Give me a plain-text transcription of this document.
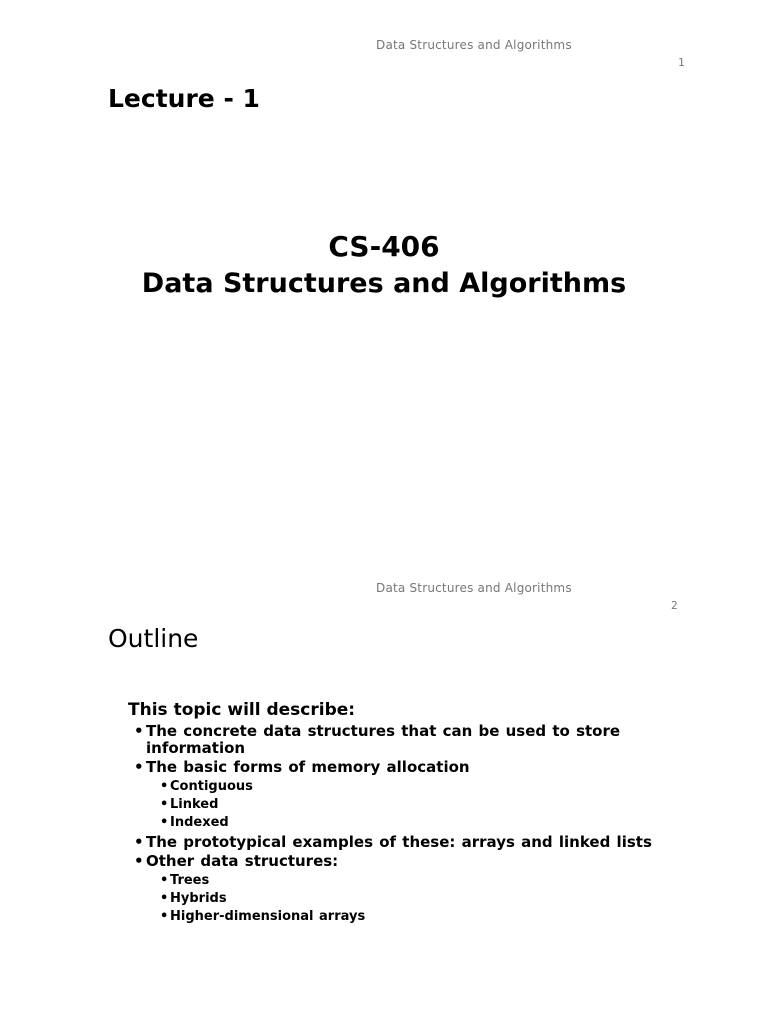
Data Structures and Algorithms
1
Lecture - 1
CS-406
Data Structures and Algorithms
Data Structures and Algorithms
2
Outline
This topic will describe:
• The concrete data structures that can be used to store information
• The basic forms of memory allocation
• Contiguous
• Linked
• Indexed
• The prototypical examples of these: arrays and linked lists
• Other data structures:
• Trees
• Hybrids
• Higher-dimensional arrays
